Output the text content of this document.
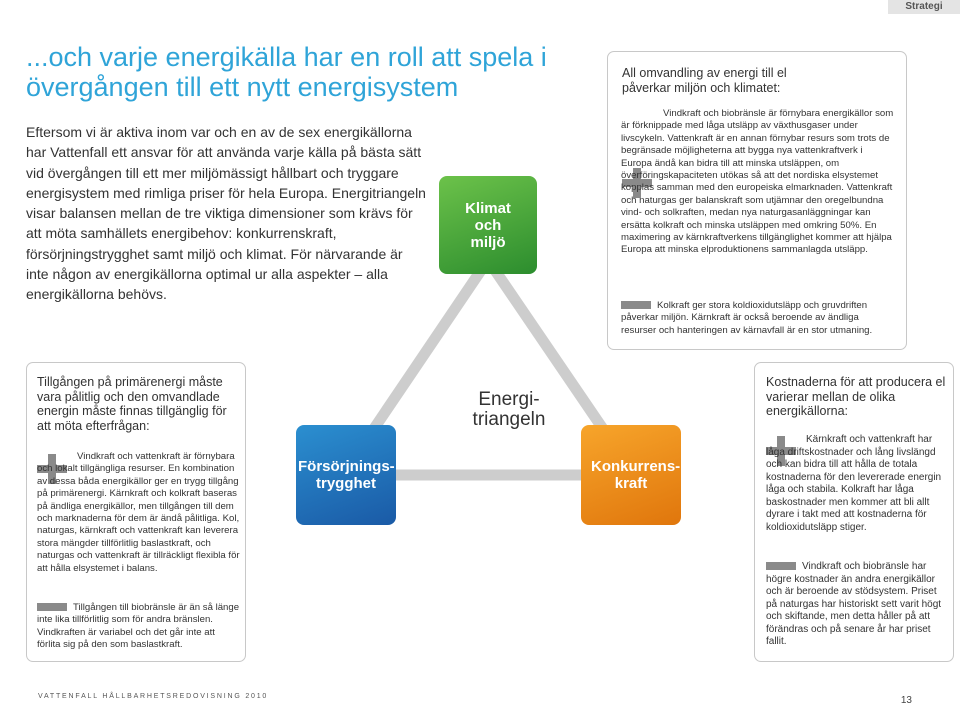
Strategi
...och varje energikälla har en roll att spela i övergången till ett nytt energisystem

Eftersom vi är aktiva inom var och en av de sex energikällorna har Vattenfall ett ansvar för att använda varje källa på bästa sätt vid övergången till ett mer miljömässigt hållbart och tryggare energisystem med rimliga priser för hela Europa. Energitriangeln visar balansen mellan de tre viktiga dimensioner som krävs för att möta samhällets energibehov: konkurrenskraft, försörjningstrygghet samt miljö och klimat. För närvarande är inte någon av energikällorna optimal ur alla aspekter – alla energikällorna behövs.

Klimat och miljö
Försörjnings-trygghet
Konkurrens-kraft
Energi-triangeln
All omvandling av energi till el påverkar miljön och klimatet:
Vindkraft och biobränsle är förnybara energikällor som är förknippade med låga utsläpp av växthusgaser under livscykeln. Vattenkraft är en annan förnybar resurs som trots de begränsade möjligheterna att bygga nya vattenkraftverk i Europa ändå kan bidra till att minska utsläppen, om överföringskapaciteten utökas så att det nordiska elsystemet kopplas samman med den europeiska elmarknaden. Vattenkraft och naturgas ger balanskraft som utjämnar den oregelbundna vind- och solkraften, medan nya naturgasanläggningar kan ersätta kolkraft och minska utsläppen med omkring 50%. En maximering av kärnkraftverkens tillgänglighet kommer att hjälpa Europa att minska elproduktionens sammanlagda utsläpp.
Kolkraft ger stora koldioxidutsläpp och gruvdriften påverkar miljön. Kärnkraft är också beroende av ändliga resurser och hanteringen av kärnavfall är en stor utmaning.
Tillgången på primärenergi måste vara pålitlig och den omvandlade energin måste finnas tillgänglig för att möta efterfrågan:
Vindkraft och vattenkraft är förnybara och lokalt tillgängliga resurser. En kombination av dessa båda energikällor ger en trygg tillgång på primärenergi. Kärnkraft och kolkraft baseras på ändliga energikällor, men tillgången till dem och marknaderna för dem är ändå pålitliga. Kol, naturgas, kärnkraft och vattenkraft kan leverera stora mängder tillförlitlig baslastkraft, och naturgas och vattenkraft är tillräckligt flexibla för att hålla elsystemet i balans.
Tillgången till biobränsle är än så länge inte lika tillförlitlig som för andra bränslen. Vindkraften är variabel och det går inte att förlita sig på den som baslastkraft.
Kostnaderna för att producera el varierar mellan de olika energikällorna:
Kärnkraft och vattenkraft har låga driftskostnader och lång livslängd och kan bidra till att hålla de totala kostnaderna för den levererade energin låga och stabila. Kolkraft har låga baskostnader men kommer att bli allt dyrare i takt med att kostnaderna för koldioxidutsläpp stiger.
Vindkraft och biobränsle har högre kostnader än andra energikällor och är beroende av stödsystem. Priset på naturgas har historiskt sett varit högt och skiftande, men detta håller på att förändras och på senare år har priset fallit.
VATTENFALL HÅLLBARHETSREDOVISNING 2010	13
